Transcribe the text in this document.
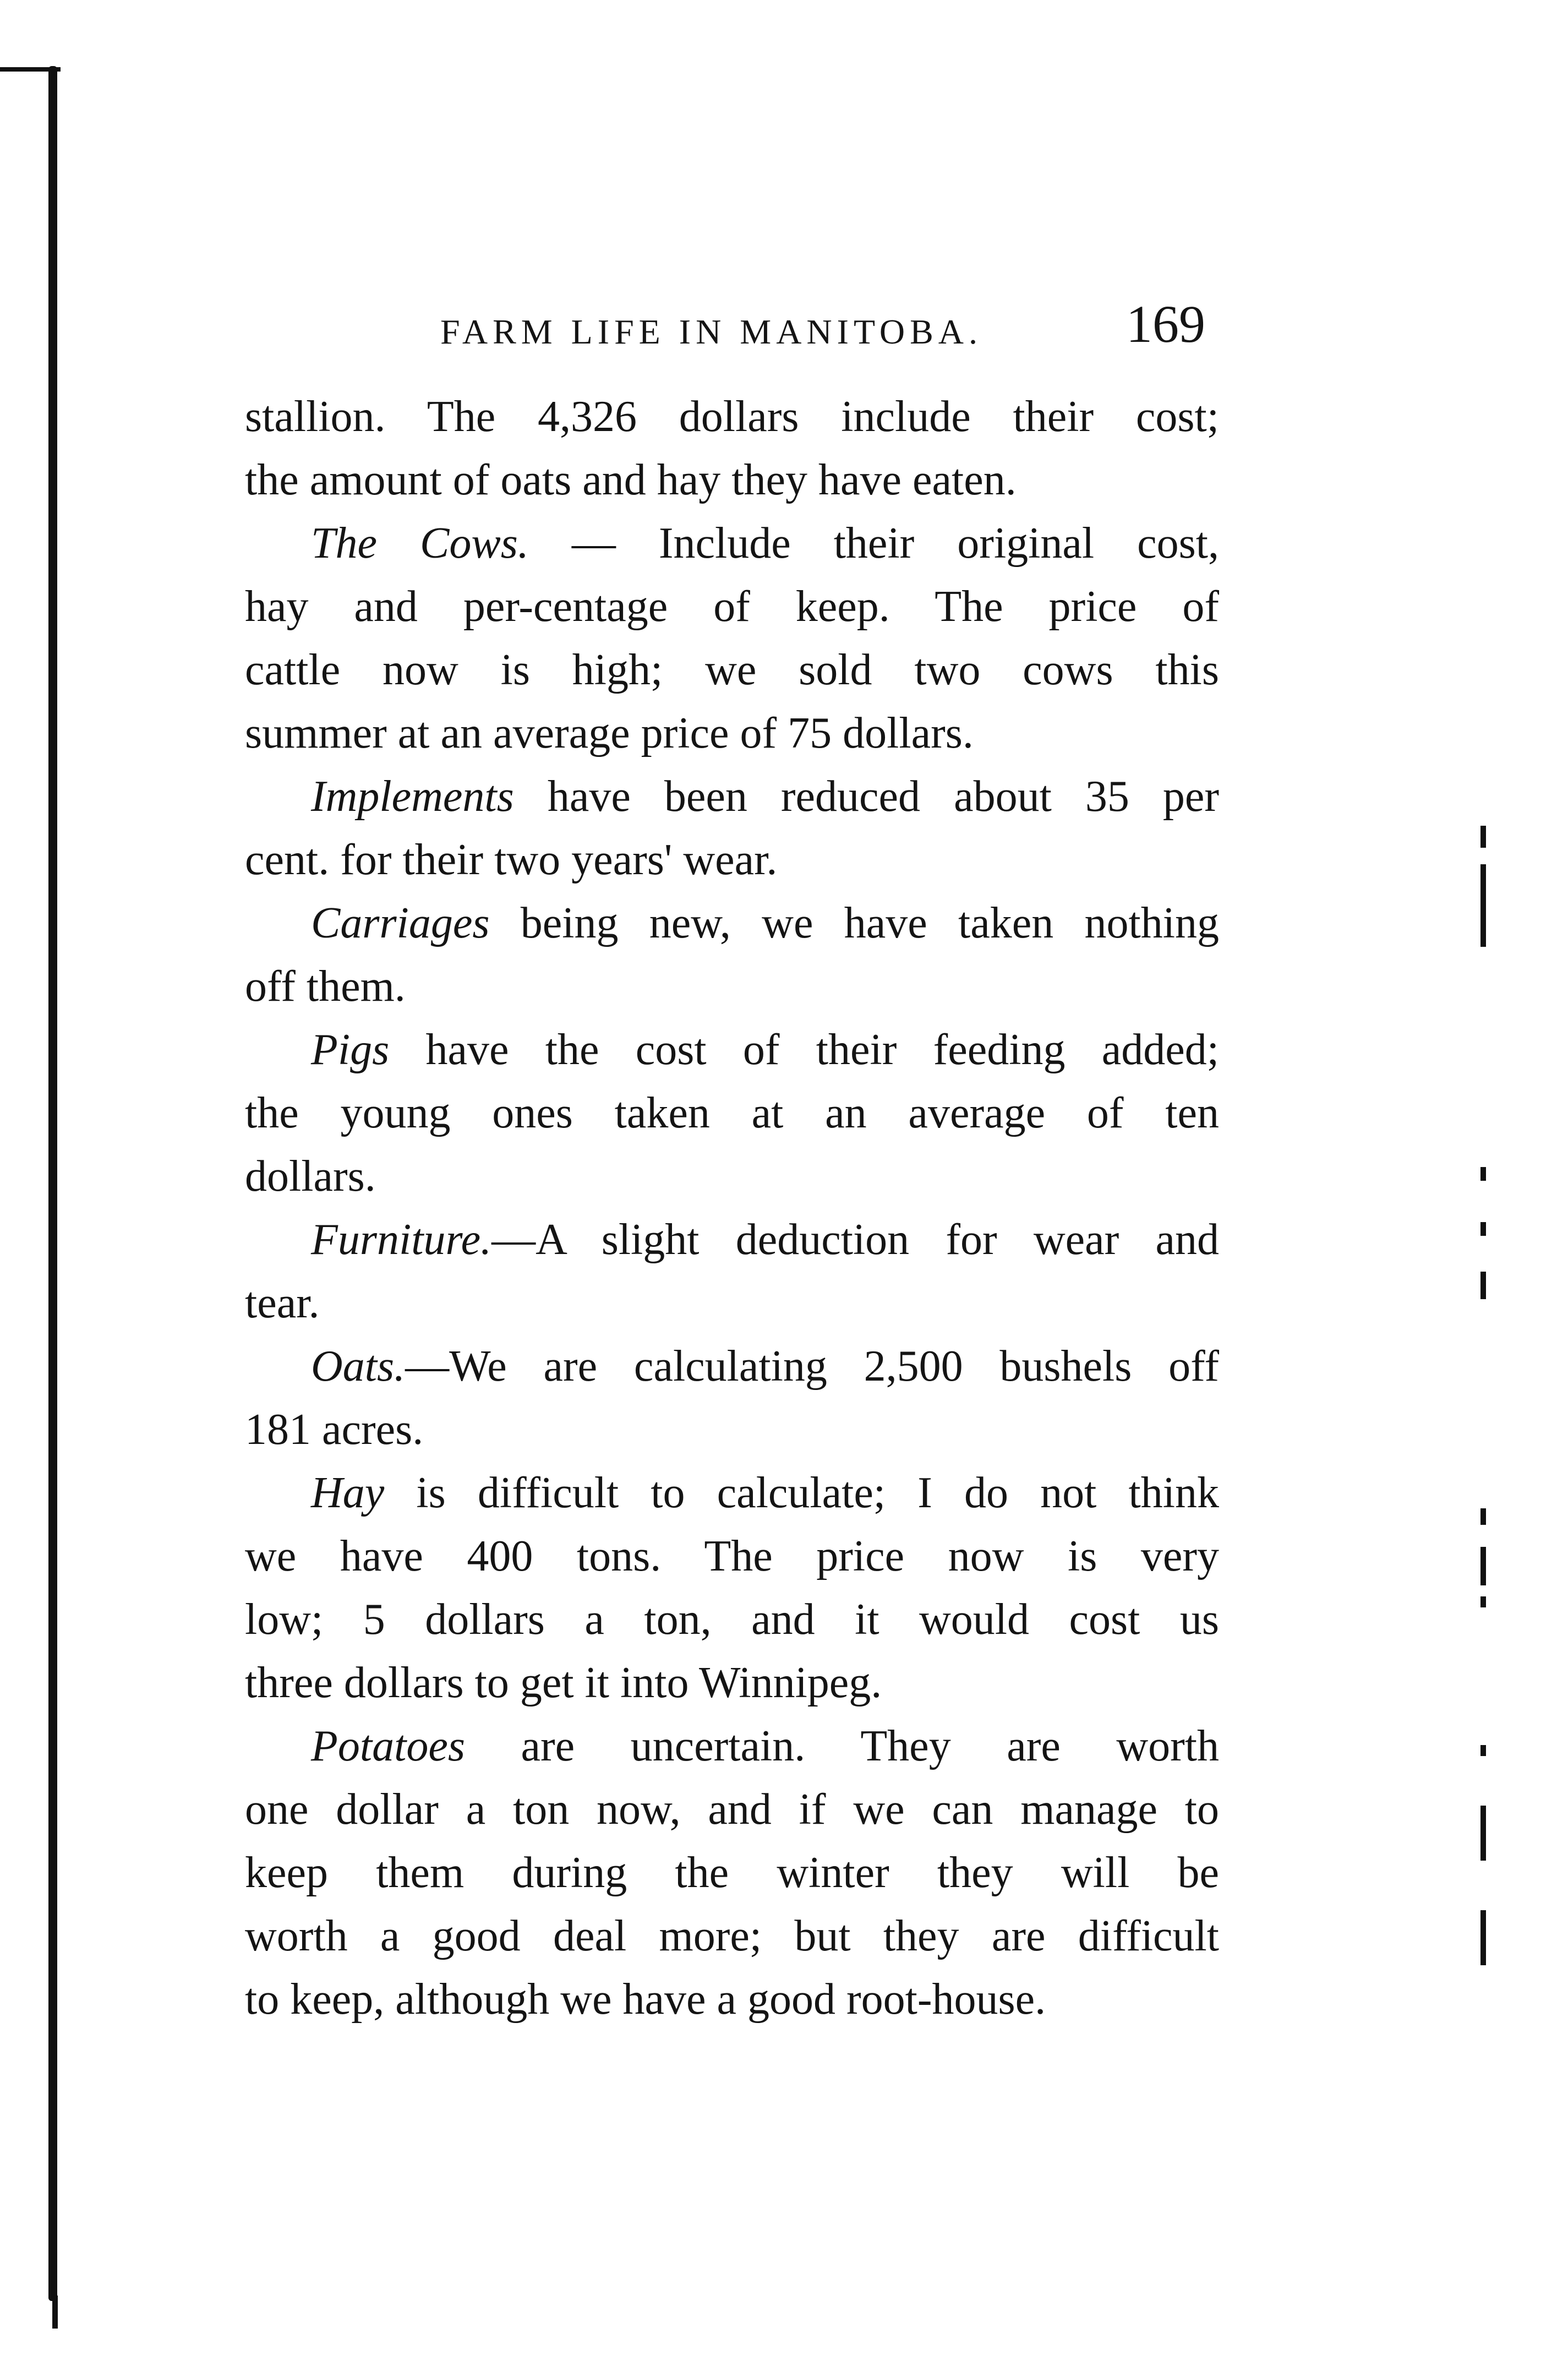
FARM LIFE IN MANITOBA.	169
stallion. The 4,326 dollars include their cost;
the amount of oats and hay they have eaten.
The Cows. — Include their original cost,
hay and per-centage of keep. The price of
cattle now is high; we sold two cows this
summer at an average price of 75 dollars.
Implements have been reduced about 35 per
cent. for their two years' wear.
Carriages being new, we have taken nothing
off them.
Pigs have the cost of their feeding added;
the young ones taken at an average of ten
dollars.
Furniture.—A slight deduction for wear and
tear.
Oats.—We are calculating 2,500 bushels off
181 acres.
Hay is difficult to calculate; I do not think
we have 400 tons. The price now is very
low; 5 dollars a ton, and it would cost us
three dollars to get it into Winnipeg.
Potatoes are uncertain. They are worth
one dollar a ton now, and if we can manage to
keep them during the winter they will be
worth a good deal more; but they are difficult
to keep, although we have a good root-house.
